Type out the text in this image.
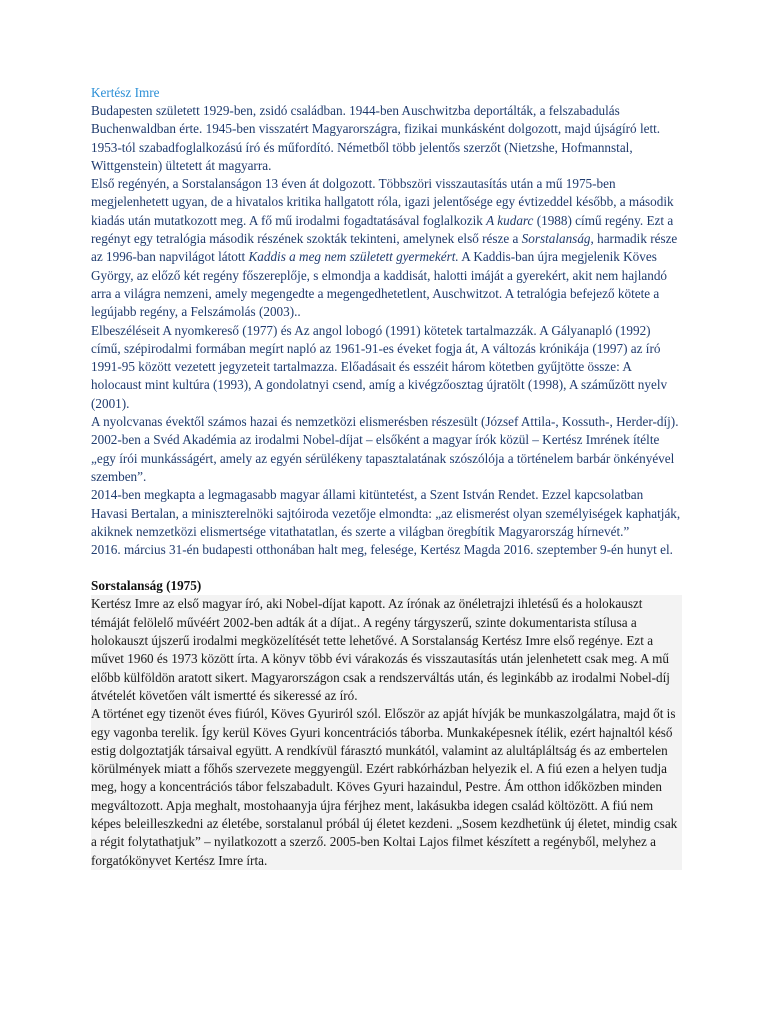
Kertész Imre

Budapesten született 1929-ben, zsidó családban. 1944-ben Auschwitzba deportálták, a felszabadulás Buchenwaldban érte. 1945-ben visszatért Magyarországra, fizikai munkásként dolgozott, majd újságíró lett. 1953-tól szabadfoglalkozású író és műfordító. Németből több jelentős szerzőt (Nietzshe, Hofmannstal, Wittgenstein) ültetett át magyarra.

Első regényén, a Sorstalanságon 13 éven át dolgozott. Többszöri visszautasítás után a mű 1975-ben megjelenhetett ugyan, de a hivatalos kritika hallgatott róla, igazi jelentősége egy évtizeddel később, a második kiadás után mutatkozott meg. A fő mű irodalmi fogadtatásával foglalkozik A kudarc (1988) című regény. Ezt a regényt egy tetralógia második részének szokták tekinteni, amelynek első része a Sorstalanság, harmadik része az 1996-ban napvilágot látott Kaddis a meg nem született gyermekért. A Kaddis-ban újra megjelenik Köves György, az előző két regény főszereplője, s elmondja a kaddisát, halotti imáját a gyerekért, akit nem hajlandó arra a világra nemzeni, amely megengedte a megengedhetetlent, Auschwitzot. A tetralógia befejező kötete a legújabb regény, a Felszámolás (2003)..

Elbeszéléseit A nyomkereső (1977) és Az angol lobogó (1991) kötetek tartalmazzák. A Gályanapló (1992) című, szépirodalmi formában megírt napló az 1961-91-es éveket fogja át, A változás krónikája (1997) az író 1991-95 között vezetett jegyzeteit tartalmazza. Előadásait és esszéit három kötetben gyűjtötte össze: A holocaust mint kultúra (1993), A gondolatnyi csend, amíg a kivégzőosztag újratölt (1998), A száműzött nyelv (2001).

A nyolcvanas évektől számos hazai és nemzetközi elismerésben részesült (József Attila-, Kossuth-, Herder-díj). 2002-ben a Svéd Akadémia az irodalmi Nobel-díjat – elsőként a magyar írók közül – Kertész Imrének ítélte „egy írói munkásságért, amely az egyén sérülékeny tapasztalatának szószólója a történelem barbár önkényével szemben”.

2014-ben megkapta a legmagasabb magyar állami kitüntetést, a Szent István Rendet. Ezzel kapcsolatban Havasi Bertalan, a miniszterelnöki sajtóiroda vezetője elmondta: „az elismerést olyan személyiségek kaphatják, akiknek nemzetközi elismertsége vitathatatlan, és szerte a világban öregbítik Magyarország hírnevét.”

2016. március 31-én budapesti otthonában halt meg, felesége, Kertész Magda 2016. szeptember 9-én hunyt el.

Sorstalanság (1975)

Kertész Imre az első magyar író, aki Nobel-díjat kapott. Az írónak az önéletrajzi ihletésű és a holokauszt témáját felölelő művéért 2002-ben adták át a díjat.. A regény tárgyszerű, szinte dokumentarista stílusa a holokauszt újszerű irodalmi megközelítését tette lehetővé. A Sorstalanság Kertész Imre első regénye. Ezt a művet 1960 és 1973 között írta. A könyv több évi várakozás és visszautasítás után jelenhetett csak meg. A mű előbb külföldön aratott sikert. Magyarországon csak a rendszerváltás után, és leginkább az irodalmi Nobel-díj átvételét követően vált ismertté és sikeressé az író.

A történet egy tizenöt éves fiúról, Köves Gyuriról szól. Először az apját hívják be munkaszolgálatra, majd őt is egy vagonba terelik. Így kerül Köves Gyuri koncentrációs táborba. Munkaképesnek ítélik, ezért hajnaltól késő estig dolgoztatják társaival együtt. A rendkívül fárasztó munkától, valamint az alultápláltság és az embertelen körülmények miatt a főhős szervezete meggyengül. Ezért rabkórházban helyezik el. A fiú ezen a helyen tudja meg, hogy a koncentrációs tábor felszabadult. Köves Gyuri hazaindul, Pestre. Ám otthon időközben minden megváltozott. Apja meghalt, mostohaanyja újra férjhez ment, lakásukba idegen család költözött. A fiú nem képes beleilleszkedni az életébe, sorstalanul próbál új életet kezdeni. „Sosem kezdhetünk új életet, mindig csak a régit folytathatjuk” – nyilatkozott a szerző. 2005-ben Koltai Lajos filmet készített a regényből, melyhez a forgatókönyvet Kertész Imre írta.
